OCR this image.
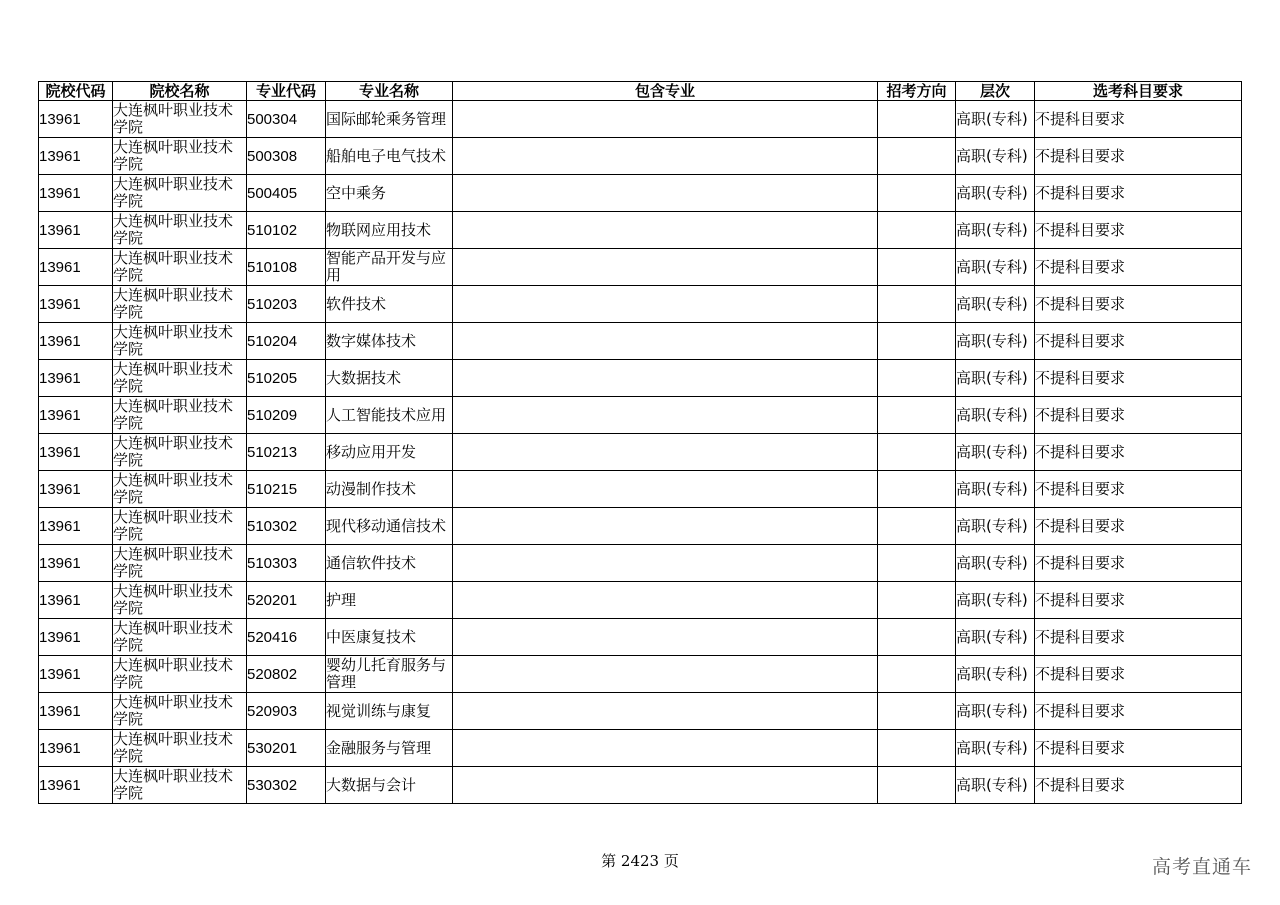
院校代码	院校名称	专业代码	专业名称	包含专业	招考方向	层次	选考科目要求
13961	大连枫叶职业技术学院	500304	国际邮轮乘务管理			高职(专科)	不提科目要求
13961	大连枫叶职业技术学院	500308	船舶电子电气技术			高职(专科)	不提科目要求
13961	大连枫叶职业技术学院	500405	空中乘务			高职(专科)	不提科目要求
13961	大连枫叶职业技术学院	510102	物联网应用技术			高职(专科)	不提科目要求
13961	大连枫叶职业技术学院	510108	智能产品开发与应用			高职(专科)	不提科目要求
13961	大连枫叶职业技术学院	510203	软件技术			高职(专科)	不提科目要求
13961	大连枫叶职业技术学院	510204	数字媒体技术			高职(专科)	不提科目要求
13961	大连枫叶职业技术学院	510205	大数据技术			高职(专科)	不提科目要求
13961	大连枫叶职业技术学院	510209	人工智能技术应用			高职(专科)	不提科目要求
13961	大连枫叶职业技术学院	510213	移动应用开发			高职(专科)	不提科目要求
13961	大连枫叶职业技术学院	510215	动漫制作技术			高职(专科)	不提科目要求
13961	大连枫叶职业技术学院	510302	现代移动通信技术			高职(专科)	不提科目要求
13961	大连枫叶职业技术学院	510303	通信软件技术			高职(专科)	不提科目要求
13961	大连枫叶职业技术学院	520201	护理			高职(专科)	不提科目要求
13961	大连枫叶职业技术学院	520416	中医康复技术			高职(专科)	不提科目要求
13961	大连枫叶职业技术学院	520802	婴幼儿托育服务与管理			高职(专科)	不提科目要求
13961	大连枫叶职业技术学院	520903	视觉训练与康复			高职(专科)	不提科目要求
13961	大连枫叶职业技术学院	530201	金融服务与管理			高职(专科)	不提科目要求
13961	大连枫叶职业技术学院	530302	大数据与会计			高职(专科)	不提科目要求
第 2423 页	高考直通车
